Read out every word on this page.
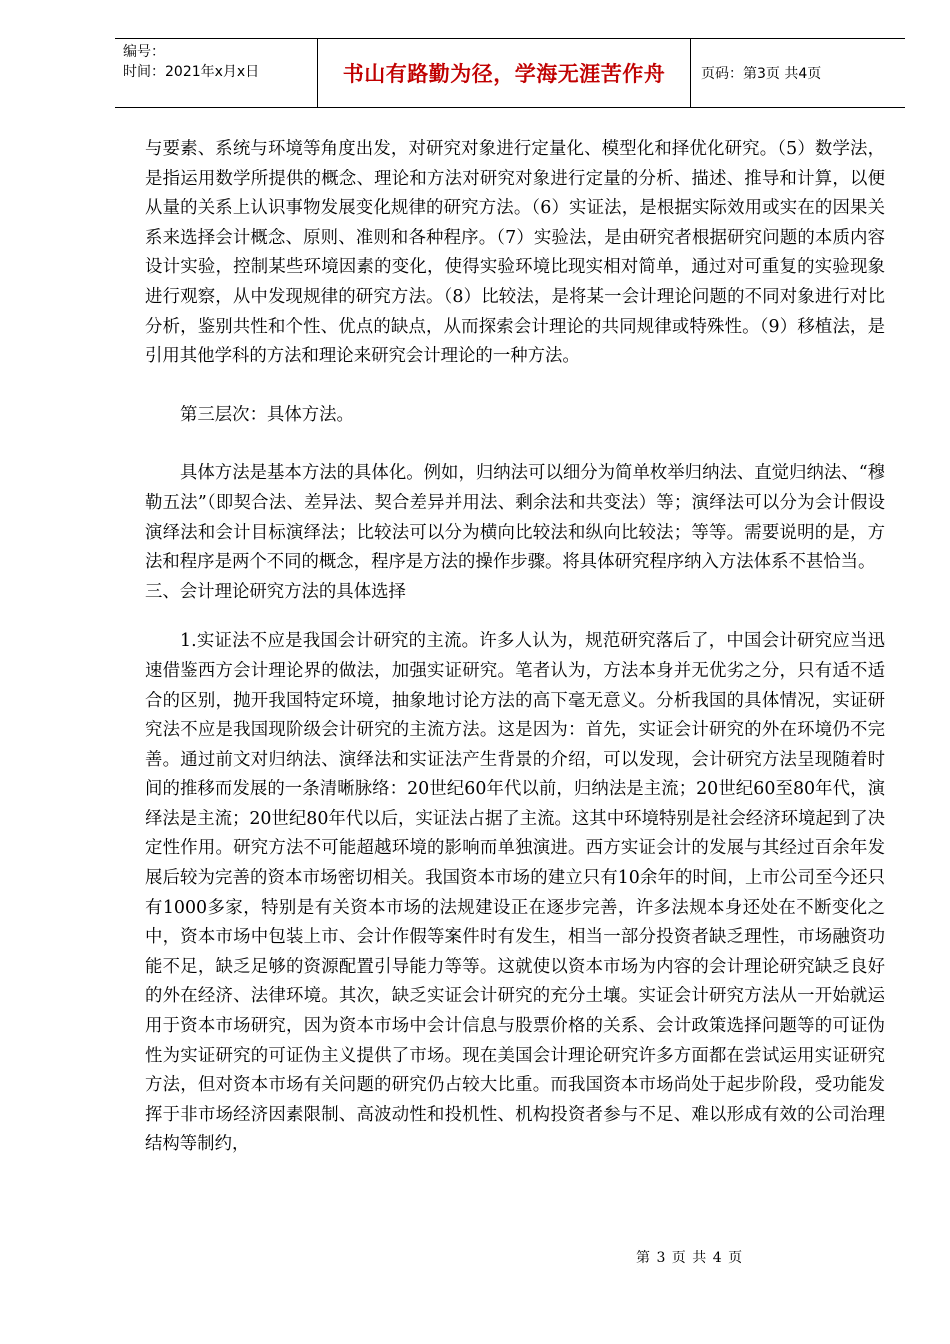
编号：
时间：2021年x月x日	书山有路勤为径，学海无涯苦作舟	页码：第3页 共4页

与要素、系统与环境等角度出发，对研究对象进行定量化、模型化和择优化研究。（5）数学法，是指运用数学所提供的概念、理论和方法对研究对象进行定量的分析、描述、推导和计算，以便从量的关系上认识事物发展变化规律的研究方法。（6）实证法，是根据实际效用或实在的因果关系来选择会计概念、原则、准则和各种程序。（7）实验法，是由研究者根据研究问题的本质内容设计实验，控制某些环境因素的变化，使得实验环境比现实相对简单，通过对可重复的实验现象进行观察，从中发现规律的研究方法。（8）比较法，是将某一会计理论问题的不同对象进行对比分析，鉴别共性和个性、优点的缺点，从而探索会计理论的共同规律或特殊性。（9）移植法，是引用其他学科的方法和理论来研究会计理论的一种方法。

第三层次：具体方法。

具体方法是基本方法的具体化。例如，归纳法可以细分为简单枚举归纳法、直觉归纳法、“穆勒五法”（即契合法、差异法、契合差异并用法、剩余法和共变法）等；演绎法可以分为会计假设演绎法和会计目标演绎法；比较法可以分为横向比较法和纵向比较法；等等。需要说明的是，方法和程序是两个不同的概念，程序是方法的操作步骤。将具体研究程序纳入方法体系不甚恰当。

三、会计理论研究方法的具体选择

1.实证法不应是我国会计研究的主流。许多人认为，规范研究落后了，中国会计研究应当迅速借鉴西方会计理论界的做法，加强实证研究。笔者认为，方法本身并无优劣之分，只有适不适合的区别，抛开我国特定环境，抽象地讨论方法的高下毫无意义。分析我国的具体情况，实证研究法不应是我国现阶级会计研究的主流方法。这是因为：首先，实证会计研究的外在环境仍不完善。通过前文对归纳法、演绎法和实证法产生背景的介绍，可以发现，会计研究方法呈现随着时间的推移而发展的一条清晰脉络：20世纪60年代以前，归纳法是主流；20世纪60至80年代，演绎法是主流；20世纪80年代以后，实证法占据了主流。这其中环境特别是社会经济环境起到了决定性作用。研究方法不可能超越环境的影响而单独演进。西方实证会计的发展与其经过百余年发展后较为完善的资本市场密切相关。我国资本市场的建立只有10余年的时间，上市公司至今还只有1000多家，特别是有关资本市场的法规建设正在逐步完善，许多法规本身还处在不断变化之中，资本市场中包装上市、会计作假等案件时有发生，相当一部分投资者缺乏理性，市场融资功能不足，缺乏足够的资源配置引导能力等等。这就使以资本市场为内容的会计理论研究缺乏良好的外在经济、法律环境。其次，缺乏实证会计研究的充分土壤。实证会计研究方法从一开始就运用于资本市场研究，因为资本市场中会计信息与股票价格的关系、会计政策选择问题等的可证伪性为实证研究的可证伪主义提供了市场。现在美国会计理论研究许多方面都在尝试运用实证研究方法，但对资本市场有关问题的研究仍占较大比重。而我国资本市场尚处于起步阶段，受功能发挥于非市场经济因素限制、高波动性和投机性、机构投资者参与不足、难以形成有效的公司治理结构等制约，

第 3 页 共 4 页
